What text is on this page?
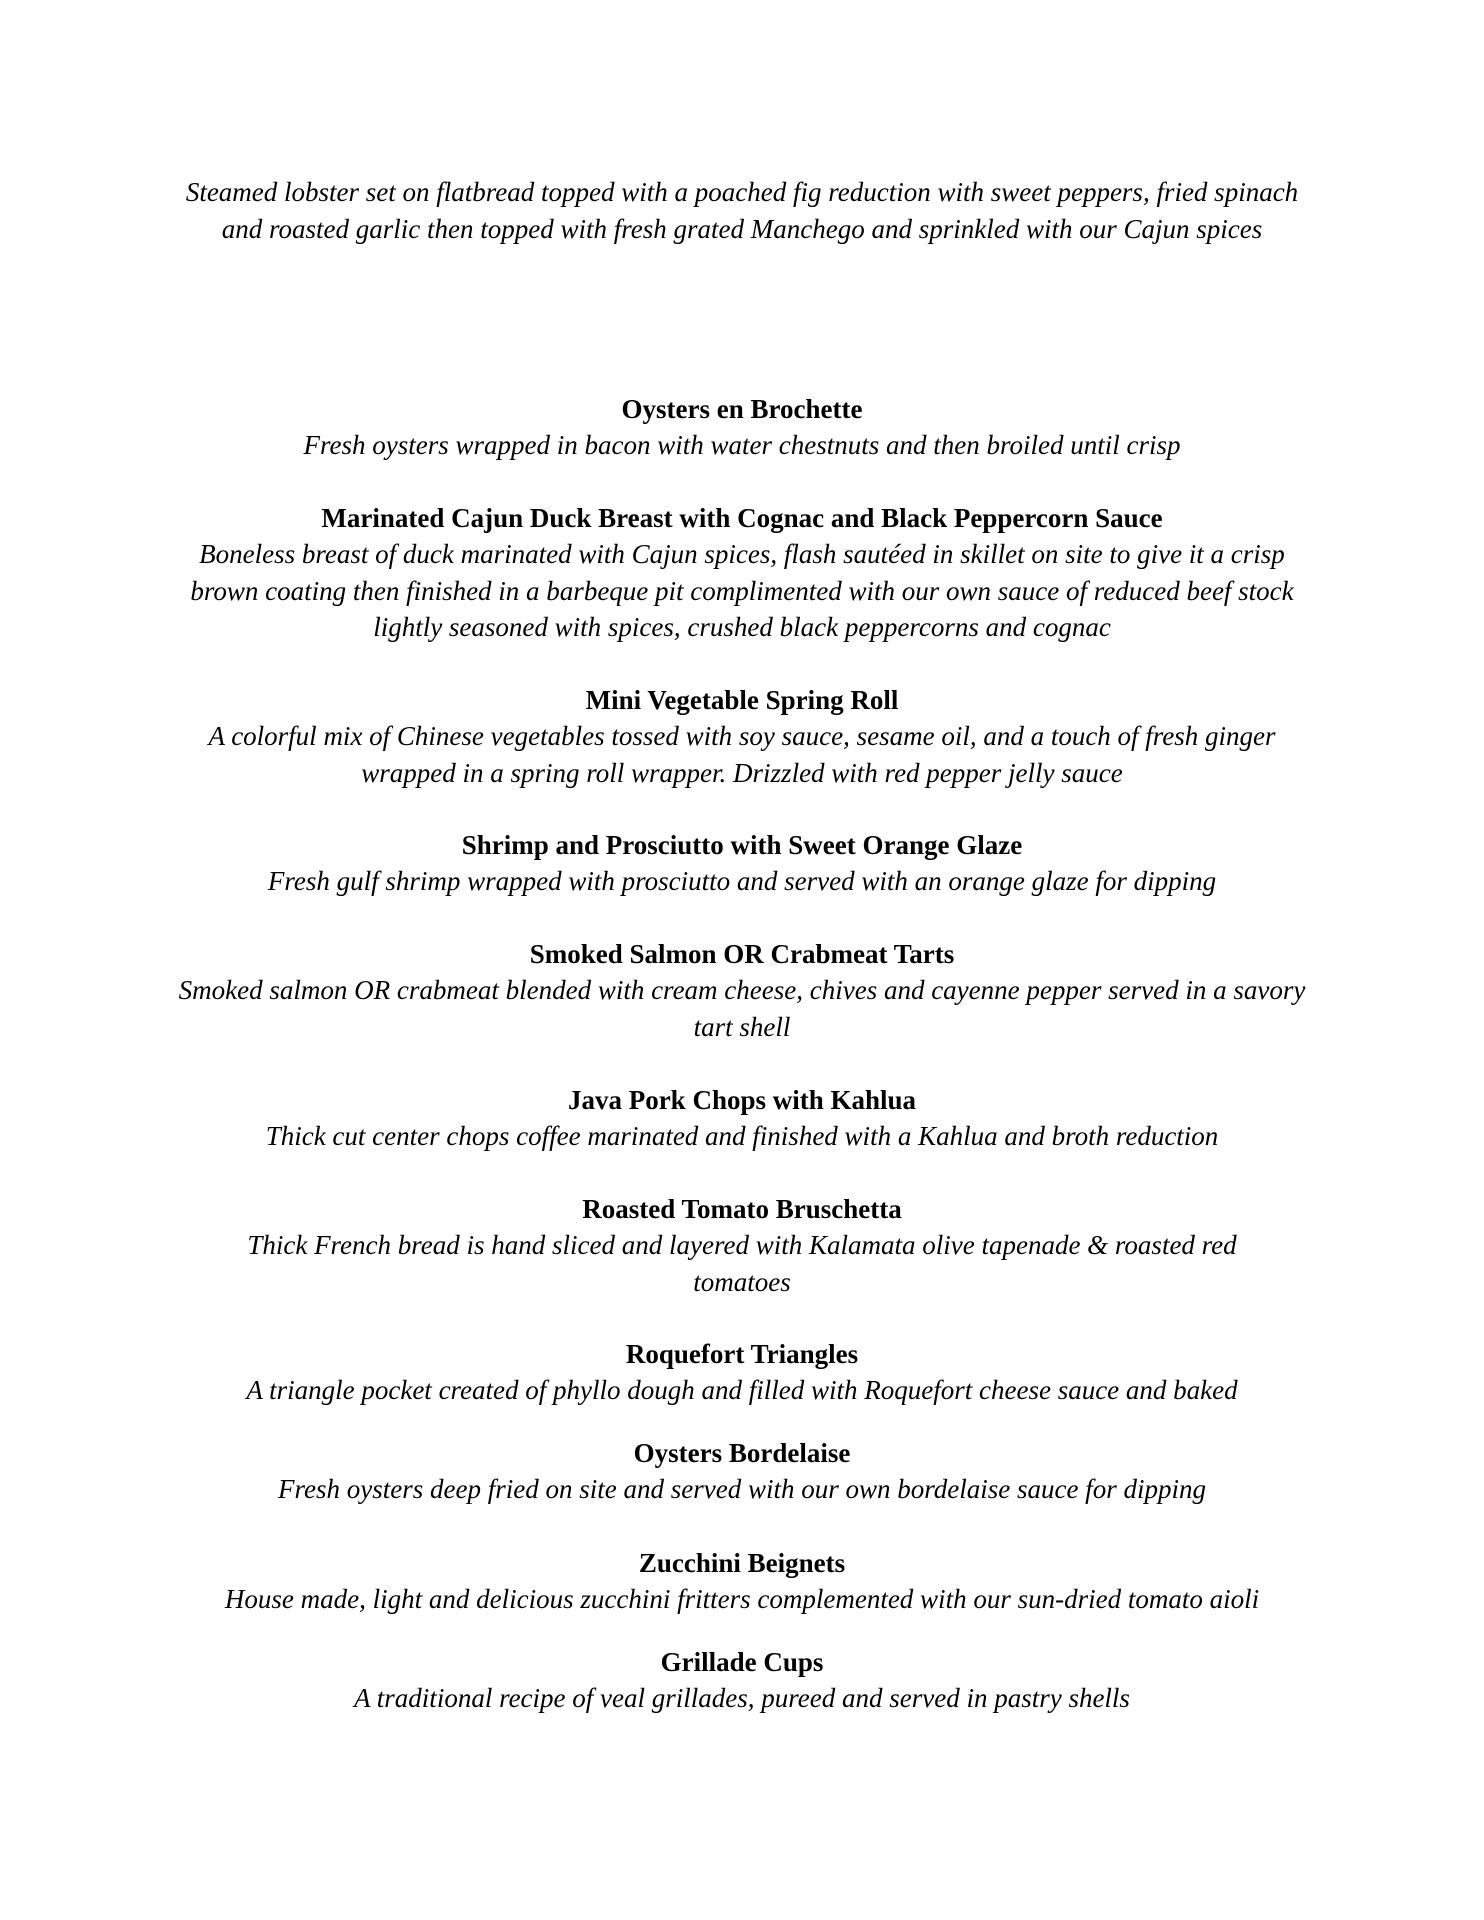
Steamed lobster set on flatbread topped with a poached fig reduction with sweet peppers, fried spinach and roasted garlic then topped with fresh grated Manchego and sprinkled with our Cajun spices

Oysters en Brochette

Fresh oysters wrapped in bacon with water chestnuts and then broiled until crisp

Marinated Cajun Duck Breast with Cognac and Black Peppercorn Sauce

Boneless breast of duck marinated with Cajun spices, flash sautéed in skillet on site to give it a crisp brown coating then finished in a barbeque pit complimented with our own sauce of reduced beef stock lightly seasoned with spices, crushed black peppercorns and cognac

Mini Vegetable Spring Roll

A colorful mix of Chinese vegetables tossed with soy sauce, sesame oil, and a touch of fresh ginger wrapped in a spring roll wrapper. Drizzled with red pepper jelly sauce

Shrimp and Prosciutto with Sweet Orange Glaze

Fresh gulf shrimp wrapped with prosciutto and served with an orange glaze for dipping

Smoked Salmon OR Crabmeat Tarts

Smoked salmon OR crabmeat blended with cream cheese, chives and cayenne pepper served in a savory tart shell

Java Pork Chops with Kahlua

Thick cut center chops coffee marinated and finished with a Kahlua and broth reduction

Roasted Tomato Bruschetta

Thick French bread is hand sliced and layered with Kalamata olive tapenade & roasted red tomatoes

Roquefort Triangles

A triangle pocket created of phyllo dough and filled with Roquefort cheese sauce and baked

Oysters Bordelaise

Fresh oysters deep fried on site and served with our own bordelaise sauce for dipping

Zucchini Beignets

House made, light and delicious zucchini fritters complemented with our sun-dried tomato aioli

Grillade Cups

A traditional recipe of veal grillades, pureed and served in pastry shells
